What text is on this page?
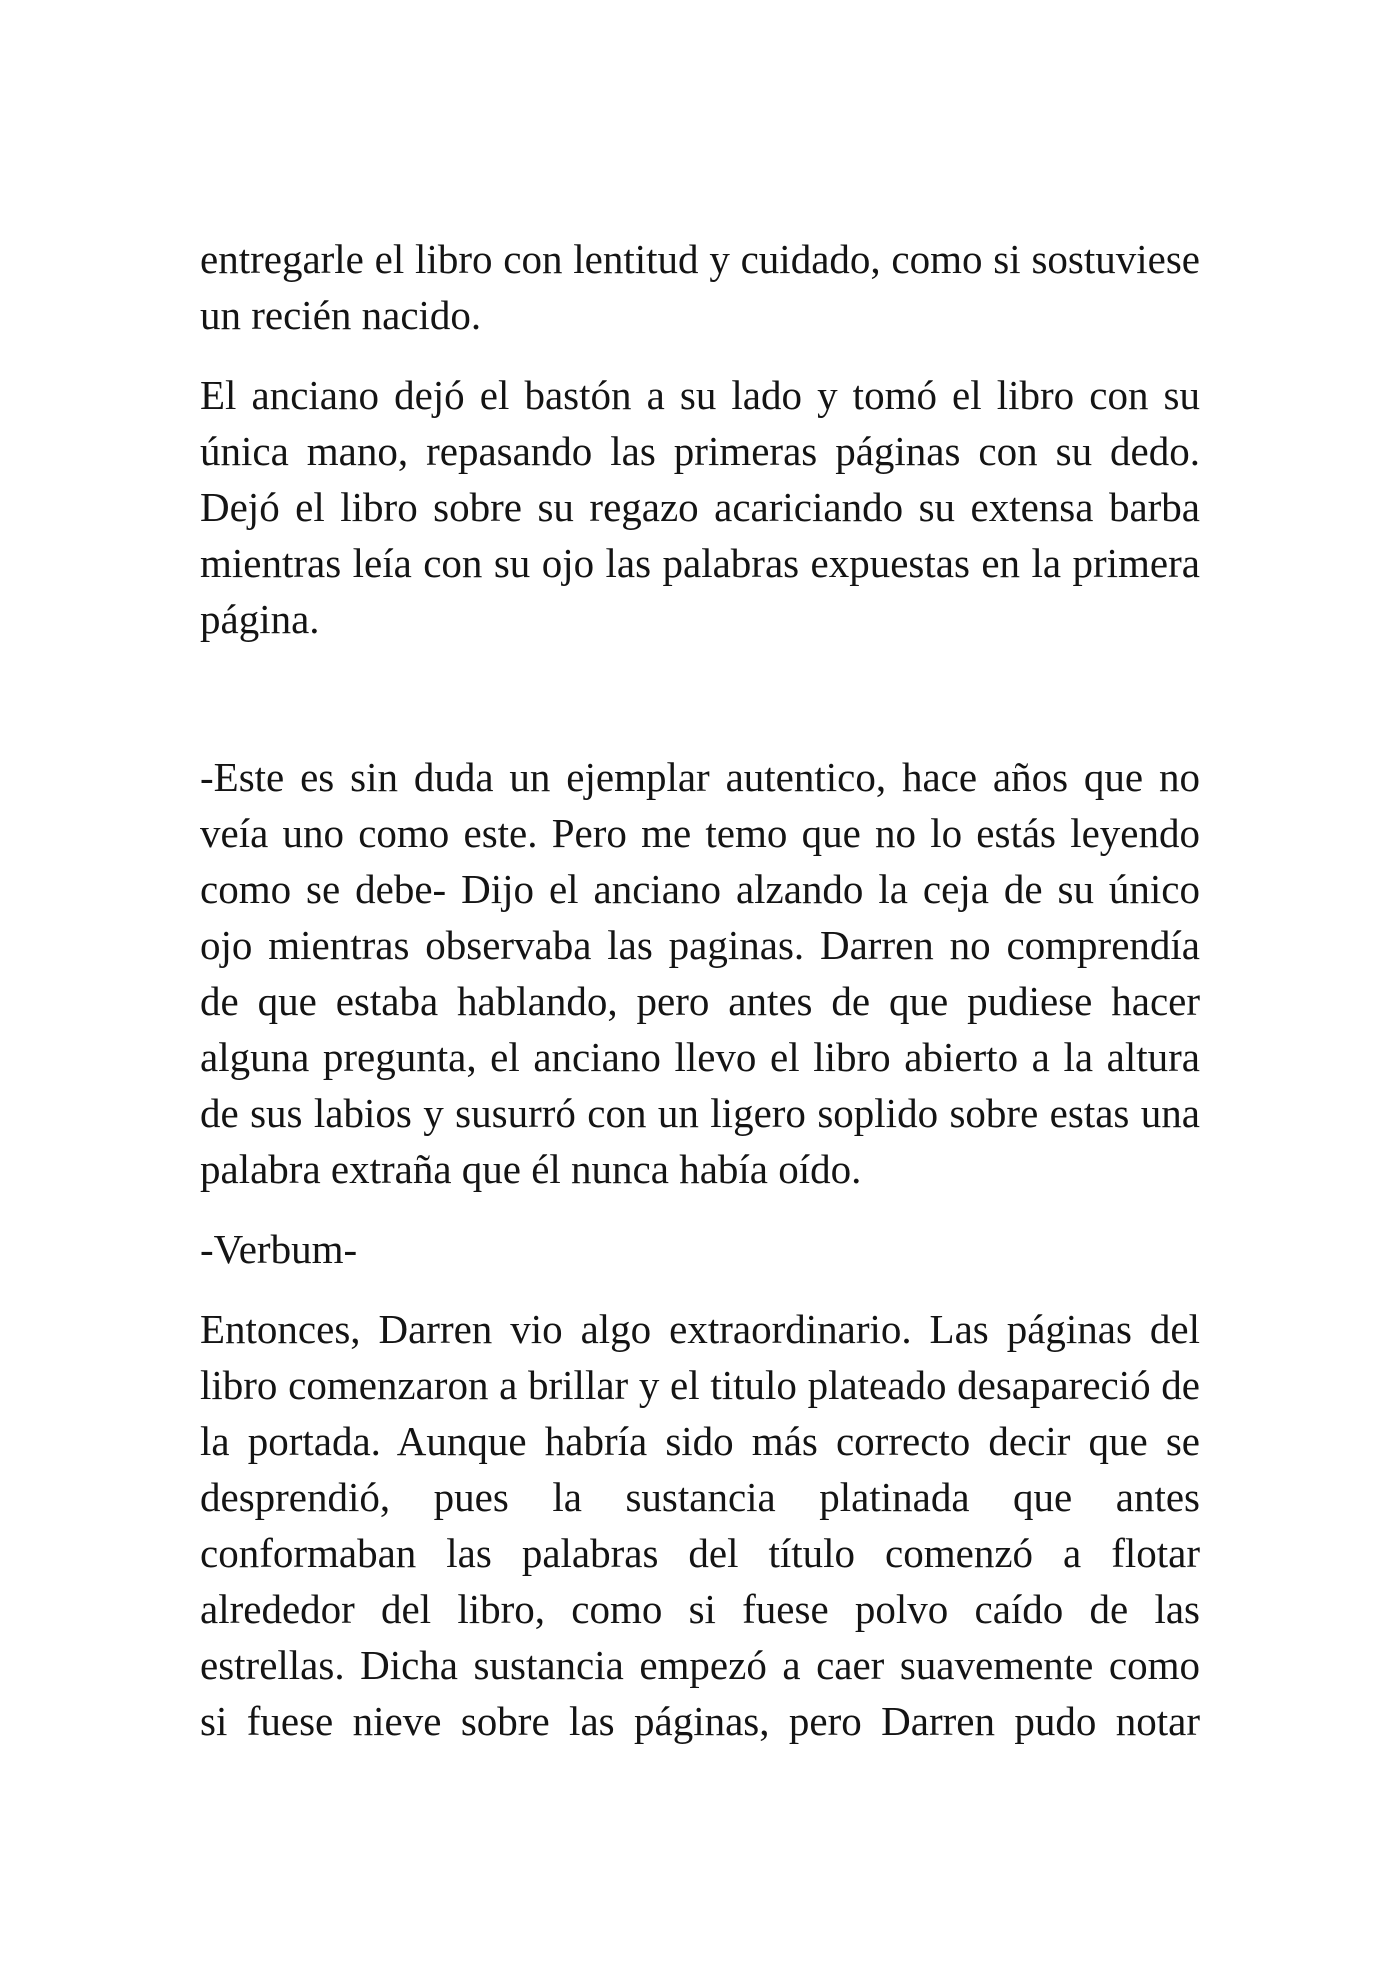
entregarle el libro con lentitud y cuidado, como si sostuviese un recién nacido.

El anciano dejó el bastón a su lado y tomó el libro con su única mano, repasando las primeras páginas con su dedo. Dejó el libro sobre su regazo acariciando su extensa barba mientras leía con su ojo las palabras expuestas en la primera página.

-Este es sin duda un ejemplar autentico, hace años que no veía uno como este. Pero me temo que no lo estás leyendo como se debe- Dijo el anciano alzando la ceja de su único ojo mientras observaba las paginas. Darren no comprendía de que estaba hablando, pero antes de que pudiese hacer alguna pregunta, el anciano llevo el libro abierto a la altura de sus labios y susurró con un ligero soplido sobre estas una palabra extraña que él nunca había oído.

-Verbum-

Entonces, Darren vio algo extraordinario. Las páginas del libro comenzaron a brillar y el titulo plateado desapareció de la portada. Aunque habría sido más correcto decir que se desprendió, pues la sustancia platinada que antes conformaban las palabras del título comenzó a flotar alrededor del libro, como si fuese polvo caído de las estrellas. Dicha sustancia empezó a caer suavemente como si fuese nieve sobre las páginas, pero Darren pudo notar
